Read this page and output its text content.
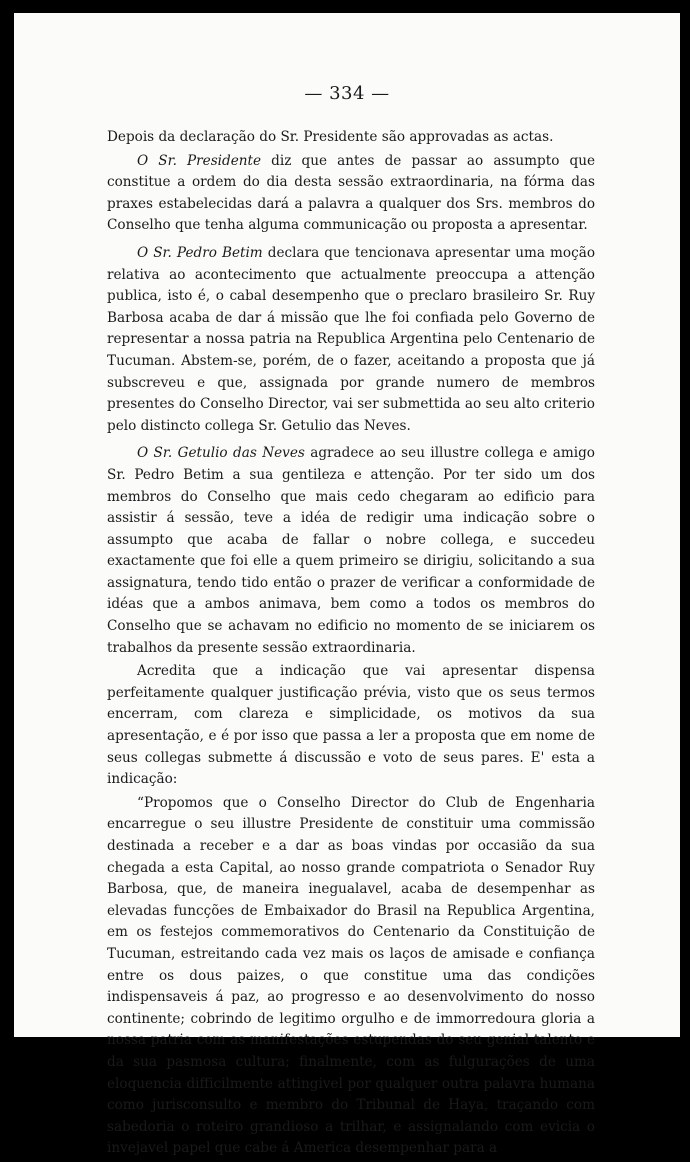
— 334 —

Depois da declaração do Sr. Presidente são approvadas as actas.

O Sr. Presidente diz que antes de passar ao assumpto que constitue a ordem do dia desta sessão extraordinaria, na fórma das praxes estabelecidas dará a palavra a qualquer dos Srs. membros do Conselho que tenha alguma communicação ou proposta a apresentar.

O Sr. Pedro Betim declara que tencionava apresentar uma moção relativa ao acontecimento que actualmente preoccupa a attenção publica, isto é, o cabal desempenho que o preclaro brasileiro Sr. Ruy Barbosa acaba de dar á missão que lhe foi confiada pelo Governo de representar a nossa patria na Republica Argentina pelo Centenario de Tucuman. Abstem-se, porém, de o fazer, aceitando a proposta que já subscreveu e que, assignada por grande numero de membros presentes do Conselho Director, vai ser submettida ao seu alto criterio pelo distincto collega Sr. Getulio das Neves.

O Sr. Getulio das Neves agradece ao seu illustre collega e amigo Sr. Pedro Betim a sua gentileza e attenção. Por ter sido um dos membros do Conselho que mais cedo chegaram ao edificio para assistir á sessão, teve a idéa de redigir uma indicação sobre o assumpto que acaba de fallar o nobre collega, e succedeu exactamente que foi elle a quem primeiro se dirigiu, solicitando a sua assignatura, tendo tido então o prazer de verificar a conformidade de idéas que a ambos animava, bem como a todos os membros do Conselho que se achavam no edificio no momento de se iniciarem os trabalhos da presente sessão extraordinaria.

Acredita que a indicação que vai apresentar dispensa perfeitamente qualquer justificação prévia, visto que os seus termos encerram, com clareza e simplicidade, os motivos da sua apresentação, e é por isso que passa a ler a proposta que em nome de seus collegas submette á discussão e voto de seus pares. E' esta a indicação:

“Propomos que o Conselho Director do Club de Engenharia encarregue o seu illustre Presidente de constituir uma commissão destinada a receber e a dar as boas vindas por occasião da sua chegada a esta Capital, ao nosso grande compatriota o Senador Ruy Barbosa, que, de maneira inegualavel, acaba de desempenhar as elevadas funcções de Embaixador do Brasil na Republica Argentina, em os festejos commemorativos do Centenario da Constituição de Tucuman, estreitando cada vez mais os laços de amisade e confiança entre os dous paizes, o que constitue uma das condições indispensaveis á paz, ao progresso e ao desenvolvimento do nosso continente; cobrindo de legitimo orgulho e de immorredoura gloria a nossa patria com as manifestações estupendas do seu genial talento e da sua pasmosa cultura; finalmente, com as fulgurações de uma eloquencia difficilmente attingivel por qualquer outra palavra humana como jurisconsulto e membro do Tribunal de Haya, traçando com sabedoria o roteiro grandioso a trilhar, e assignalando com evicia o invejavel papel que cabe á America desempenhar para a
